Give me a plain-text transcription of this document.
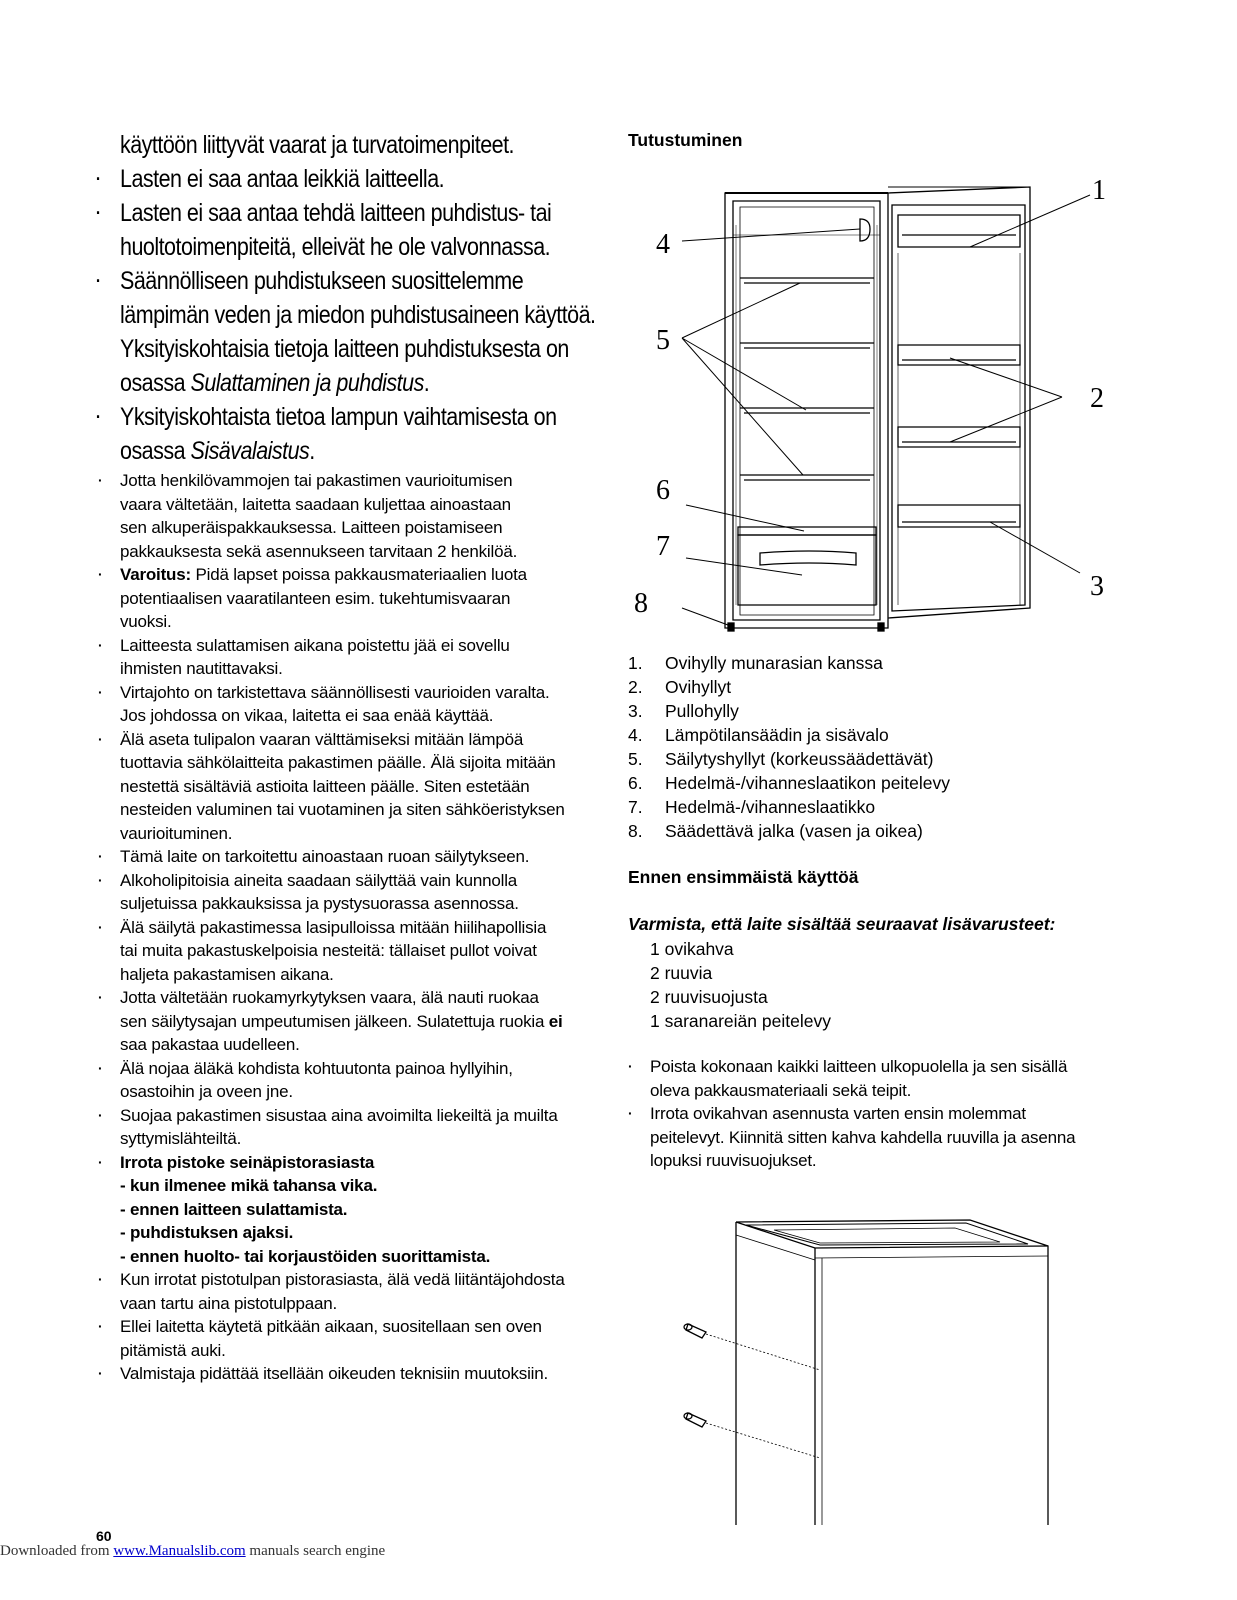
käyttöön liittyvät vaarat ja turvatoimenpiteet.
· Lasten ei saa antaa leikkiä laitteella.
· Lasten ei saa antaa tehdä laitteen puhdistus- tai
huoltotoimenpiteitä, elleivät he ole valvonnassa.
· Säännölliseen puhdistukseen suosittelemme
lämpimän veden ja miedon puhdistusaineen käyttöä.
Yksityiskohtaisia tietoja laitteen puhdistuksesta on
osassa Sulattaminen ja puhdistus.
· Yksityiskohtaista tietoa lampun vaihtamisesta on
osassa Sisävalaistus.
· Jotta henkilövammojen tai pakastimen vaurioitumisen
vaara vältetään, laitetta saadaan kuljettaa ainoastaan
sen alkuperäispakkauksessa. Laitteen poistamiseen
pakkauksesta sekä asennukseen tarvitaan 2 henkilöä.
· Varoitus: Pidä lapset poissa pakkausmateriaalien luota
potentiaalisen vaaratilanteen esim. tukehtumisvaaran
vuoksi.
· Laitteesta sulattamisen aikana poistettu jää ei sovellu
ihmisten nautittavaksi.
· Virtajohto on tarkistettava säännöllisesti vaurioiden varalta.
Jos johdossa on vikaa, laitetta ei saa enää käyttää.
· Älä aseta tulipalon vaaran välttämiseksi mitään lämpöä
tuottavia sähkölaitteita pakastimen päälle. Älä sijoita mitään
nestettä sisältäviä astioita laitteen päälle. Siten estetään
nesteiden valuminen tai vuotaminen ja siten sähköeristyksen
vaurioituminen.
· Tämä laite on tarkoitettu ainoastaan ruoan säilytykseen.
· Alkoholipitoisia aineita saadaan säilyttää vain kunnolla
suljetuissa pakkauksissa ja pystysuorassa asennossa.
· Älä säilytä pakastimessa lasipulloissa mitään hiilihapollisia
tai muita pakastuskelpoisia nesteitä: tällaiset pullot voivat
haljeta pakastamisen aikana.
· Jotta vältetään ruokamyrkytyksen vaara, älä nauti ruokaa
sen säilytysajan umpeutumisen jälkeen. Sulatettuja ruokia ei
saa pakastaa uudelleen.
· Älä nojaa äläkä kohdista kohtuutonta painoa hyllyihin,
osastoihin ja oveen jne.
· Suojaa pakastimen sisustaa aina avoimilta liekeiltä ja muilta
syttymislähteiltä.
· Irrota pistoke seinäpistorasiasta
- kun ilmenee mikä tahansa vika.
- ennen laitteen sulattamista.
- puhdistuksen ajaksi.
- ennen huolto- tai korjaustöiden suorittamista.
· Kun irrotat pistotulpan pistorasiasta, älä vedä liitäntäjohdosta
vaan tartu aina pistotulppaan.
· Ellei laitetta käytetä pitkään aikaan, suositellaan sen oven
pitämistä auki.
· Valmistaja pidättää itsellään oikeuden teknisiin muutoksiin.
Tutustuminen
1
2
3
4
5
6
7
8
1. Ovihylly munarasian kanssa
2. Ovihyllyt
3. Pullohylly
4. Lämpötilansäädin ja sisävalo
5. Säilytyshyllyt (korkeussäädettävät)
6. Hedelmä-/vihanneslaatikon peitelevy
7. Hedelmä-/vihanneslaatikko
8. Säädettävä jalka (vasen ja oikea)
Ennen ensimmäistä käyttöä
Varmista, että laite sisältää seuraavat lisävarusteet:
1 ovikahva
2 ruuvia
2 ruuvisuojusta
1 saranareiän peitelevy
· Poista kokonaan kaikki laitteen ulkopuolella ja sen sisällä
oleva pakkausmateriaali sekä teipit.
· Irrota ovikahvan asennusta varten ensin molemmat
peitelevyt. Kiinnitä sitten kahva kahdella ruuvilla ja asenna
lopuksi ruuvisuojukset.
60
Downloaded from www.Manualslib.com manuals search engine
